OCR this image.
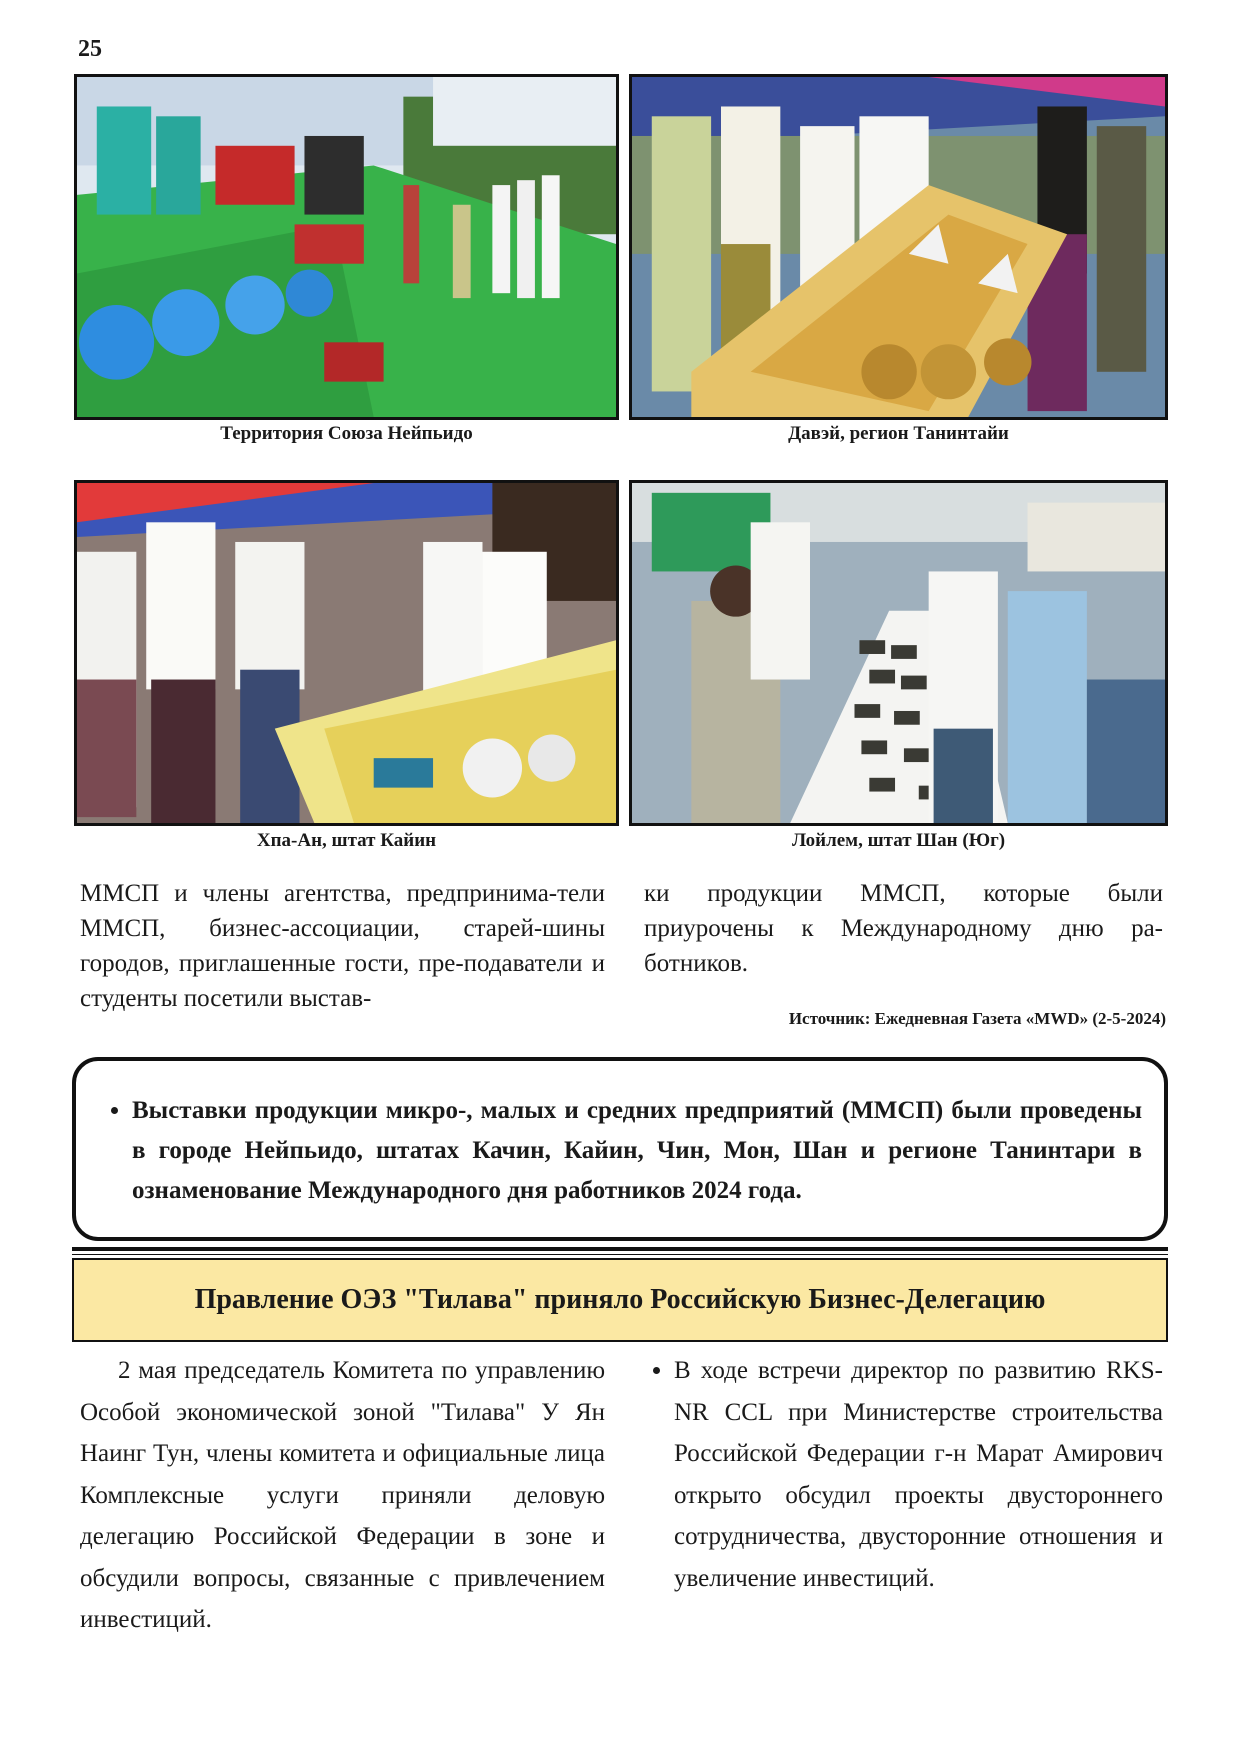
25
Территория Союза Нейпьидо	Давэй, регион Танинтайи
Хпа-Ан, штат Кайин	Лойлем, штат Шан (Юг)

ММСП и члены агентства, предпринима-тели ММСП, бизнес-ассоциации, старей-шины городов, приглашенные гости, пре-подаватели и студенты посетили выстав-

ки продукции ММСП, которые были приурочены к Международному дню ра-ботников.

Источник: Ежедневная Газета «MWD» (2-5-2024)
• Выставки продукции микро-, малых и средних предприятий (ММСП) были проведены в городе Нейпьидо, штатах Качин, Кайин, Чин, Мон, Шан и регионе Танинтари в ознаменование Международного дня работников 2024 года.
Правление ОЭЗ "Тилава" приняло Российскую Бизнес-Делегацию

2 мая председатель Комитета по управлению Особой экономической зоной "Тилава" У Ян Наинг Тун, члены комитета и официальные лица Комплексные услуги приняли деловую делегацию Российской Федерации в зоне и обсудили вопросы, связанные с привлечением инвестиций.

• В ходе встречи директор по развитию RKS-NR CCL при Министерстве строительства Российской Федерации г-н Марат Амирович открыто обсудил проекты двустороннего сотрудничества, двусторонние отношения и увеличение инвестиций.
